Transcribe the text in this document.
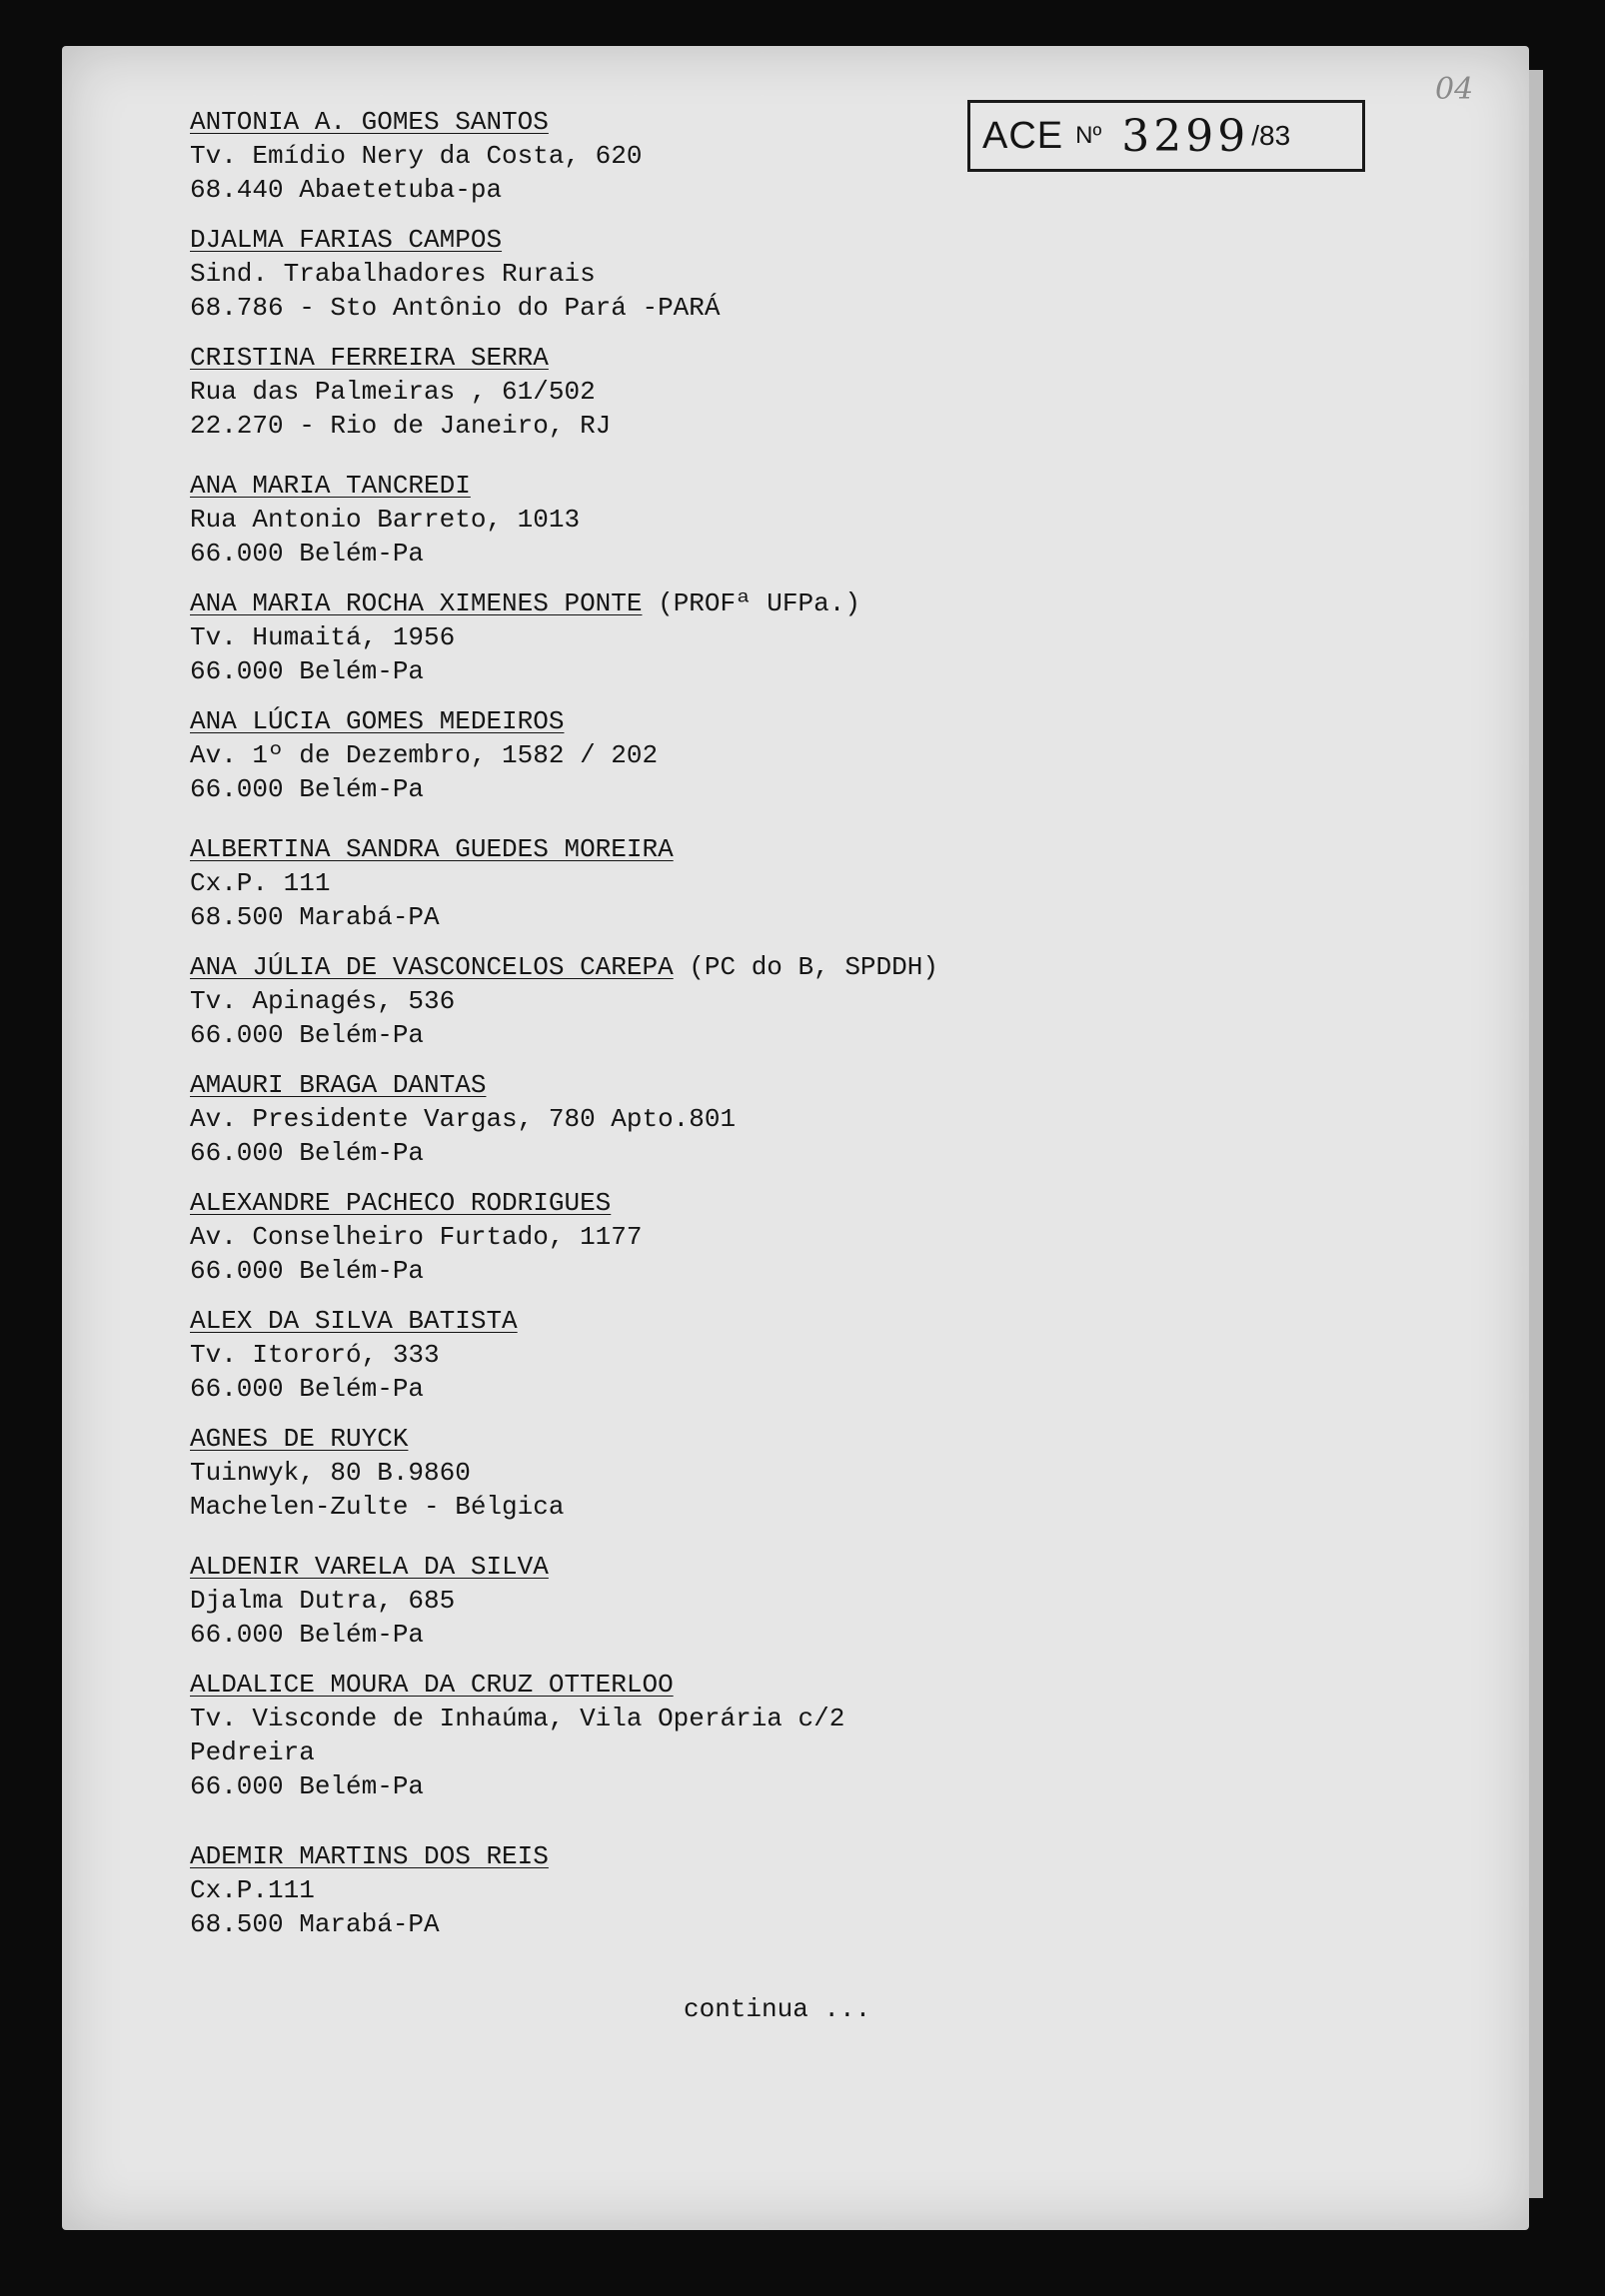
04
ACE Nº 3299 /83
ANTONIA A. GOMES SANTOS
Tv. Emídio Nery da Costa, 620
68.440 Abaetetuba-pa
DJALMA FARIAS CAMPOS
Sind. Trabalhadores Rurais
68.786 - Sto Antônio do Pará -PARÁ
CRISTINA FERREIRA SERRA
Rua das Palmeiras , 61/502
22.270 - Rio de Janeiro, RJ
ANA MARIA TANCREDI
Rua Antonio Barreto, 1013
66.000 Belém-Pa
ANA MARIA ROCHA XIMENES PONTE (PROFª UFPa.)
Tv. Humaitá, 1956
66.000 Belém-Pa
ANA LÚCIA GOMES MEDEIROS
Av. 1º de Dezembro, 1582 / 202
66.000 Belém-Pa
ALBERTINA SANDRA GUEDES MOREIRA
Cx.P. 111
68.500 Marabá-PA
ANA JÚLIA DE VASCONCELOS CAREPA (PC do B, SPDDH)
Tv. Apinagés, 536
66.000 Belém-Pa
AMAURI BRAGA DANTAS
Av. Presidente Vargas, 780 Apto.801
66.000 Belém-Pa
ALEXANDRE PACHECO RODRIGUES
Av. Conselheiro Furtado, 1177
66.000 Belém-Pa
ALEX DA SILVA BATISTA
Tv. Itororó, 333
66.000 Belém-Pa
AGNES DE RUYCK
Tuinwyk, 80 B.9860
Machelen-Zulte - Bélgica
ALDENIR VARELA DA SILVA
Djalma Dutra, 685
66.000 Belém-Pa
ALDALICE MOURA DA CRUZ OTTERLOO
Tv. Visconde de Inhaúma, Vila Operária c/2
Pedreira
66.000 Belém-Pa
ADEMIR MARTINS DOS REIS
Cx.P.111
68.500 Marabá-PA
continua ...
